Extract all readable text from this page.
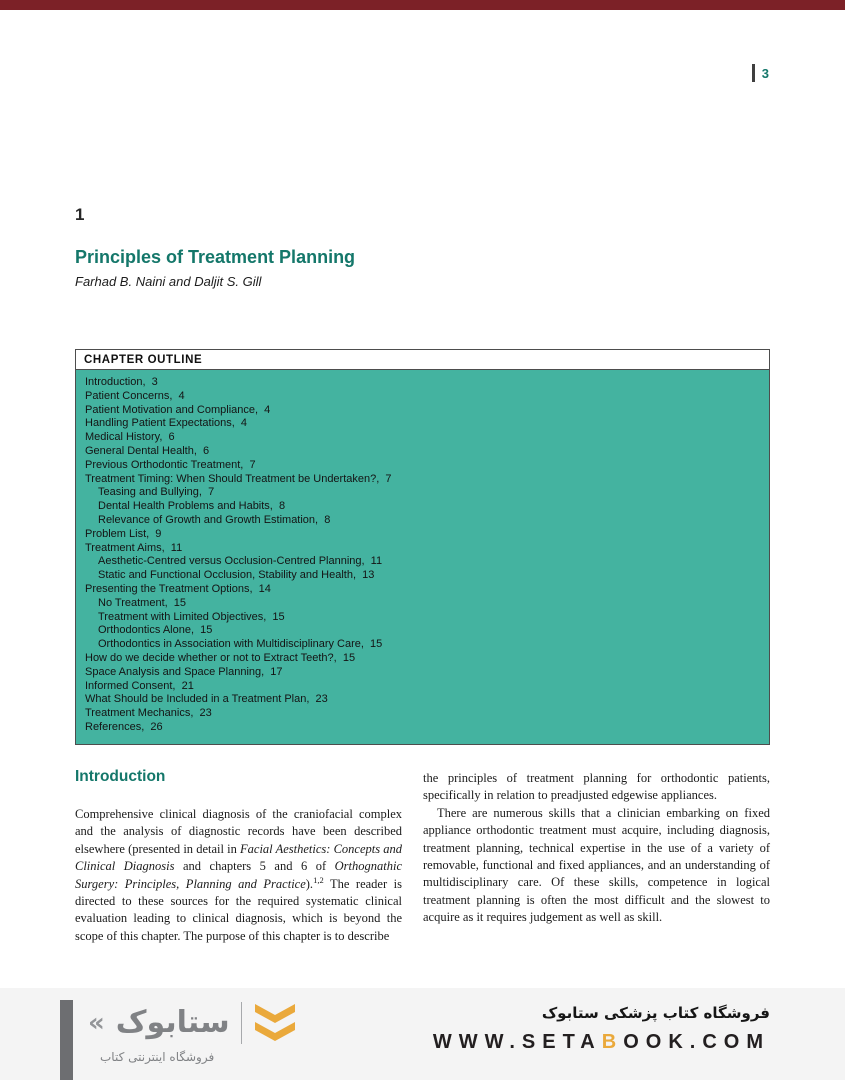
3
1
Principles of Treatment Planning
Farhad B. Naini and Daljit S. Gill
CHAPTER OUTLINE
Introduction,  3
Patient Concerns,  4
Patient Motivation and Compliance,  4
Handling Patient Expectations,  4
Medical History,  6
General Dental Health,  6
Previous Orthodontic Treatment,  7
Treatment Timing: When Should Treatment be Undertaken?,  7
Teasing and Bullying,  7
Dental Health Problems and Habits,  8
Relevance of Growth and Growth Estimation,  8
Problem List,  9
Treatment Aims,  11
Aesthetic-Centred versus Occlusion-Centred Planning,  11
Static and Functional Occlusion, Stability and Health,  13
Presenting the Treatment Options,  14
No Treatment,  15
Treatment with Limited Objectives,  15
Orthodontics Alone,  15
Orthodontics in Association with Multidisciplinary Care,  15
How do we decide whether or not to Extract Teeth?,  15
Space Analysis and Space Planning,  17
Informed Consent,  21
What Should be Included in a Treatment Plan,  23
Treatment Mechanics,  23
References,  26
Introduction

Comprehensive clinical diagnosis of the craniofacial complex and the analysis of diagnostic records have been described elsewhere (presented in detail in Facial Aesthetics: Concepts and Clinical Diagnosis and chapters 5 and 6 of Orthognathic Surgery: Principles, Planning and Practice).$^{1,2}$ The reader is directed to these sources for the required systematic clinical evaluation leading to clinical diagnosis, which is beyond the scope of this chapter. The purpose of this chapter is to describe

the principles of treatment planning for orthodontic patients, specifically in relation to preadjusted edgewise appliances.

There are numerous skills that a clinician embarking on fixed appliance orthodontic treatment must acquire, including diagnosis, treatment planning, technical expertise in the use of a variety of removable, functional and fixed appliances, and an understanding of multidisciplinary care. Of these skills, competence in logical treatment planning is often the most difficult and the slowest to acquire as it requires judgement as well as skill.

« ستابوک
فروشگاه اینترنتی کتاب
فروشگاه کتاب پزشکی ستابوک
WWW.SETABOOK.COM
